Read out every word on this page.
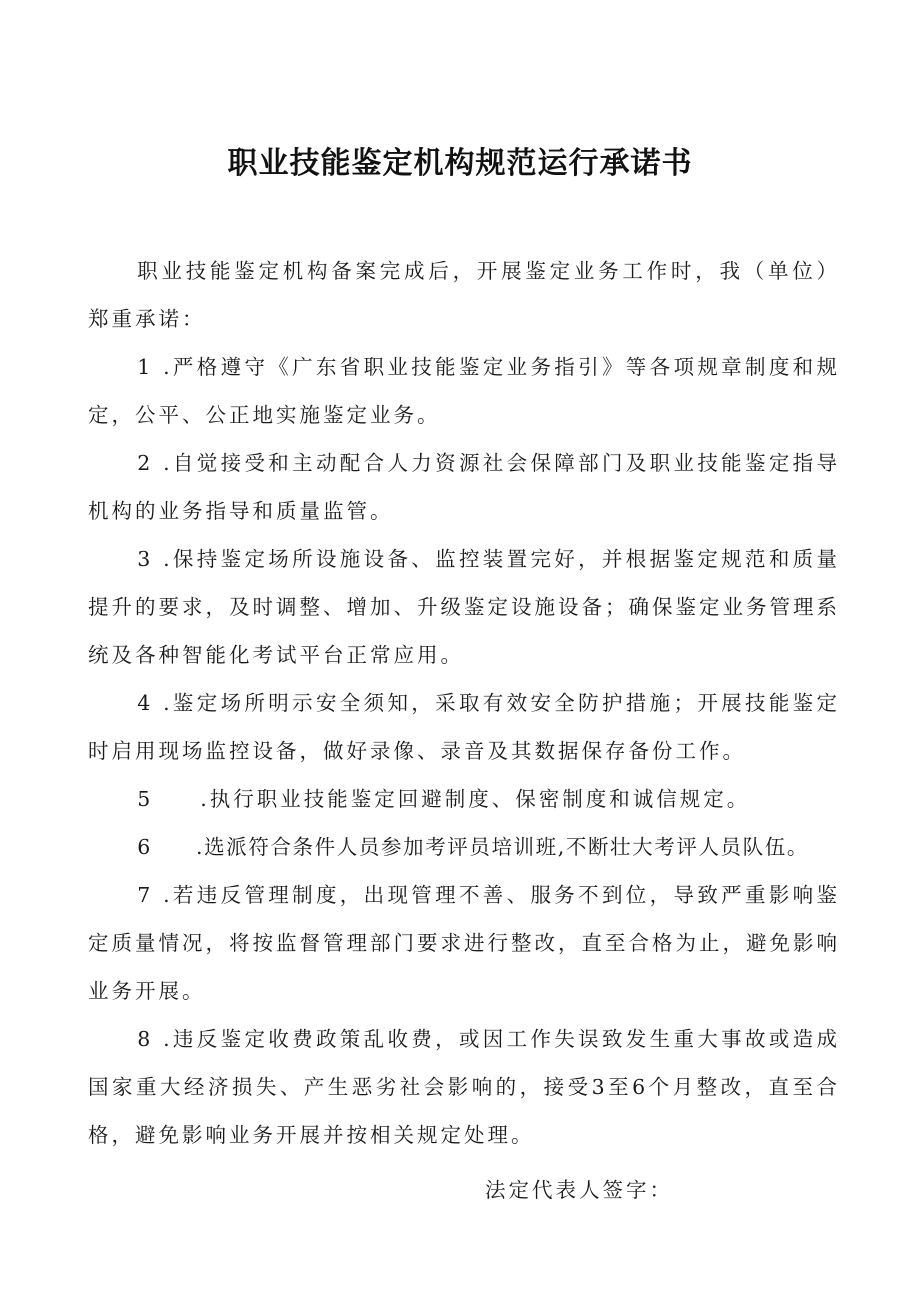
职业技能鉴定机构规范运行承诺书

职业技能鉴定机构备案完成后，开展鉴定业务工作时，我（单位）郑重承诺：

1 .严格遵守《广东省职业技能鉴定业务指引》等各项规章制度和规定，公平、公正地实施鉴定业务。

2 .自觉接受和主动配合人力资源社会保障部门及职业技能鉴定指导机构的业务指导和质量监管。

3 .保持鉴定场所设施设备、监控装置完好，并根据鉴定规范和质量提升的要求，及时调整、增加、升级鉴定设施设备；确保鉴定业务管理系统及各种智能化考试平台正常应用。

4 .鉴定场所明示安全须知，采取有效安全防护措施；开展技能鉴定时启用现场监控设备，做好录像、录音及其数据保存备份工作。

5　　.执行职业技能鉴定回避制度、保密制度和诚信规定。

6　　.选派符合条件人员参加考评员培训班,不断壮大考评人员队伍。

7 .若违反管理制度，出现管理不善、服务不到位，导致严重影响鉴定质量情况，将按监督管理部门要求进行整改，直至合格为止，避免影响业务开展。

8 .违反鉴定收费政策乱收费，或因工作失误致发生重大事故或造成国家重大经济损失、产生恶劣社会影响的，接受3至6个月整改，直至合格，避免影响业务开展并按相关规定处理。

法定代表人签字：
